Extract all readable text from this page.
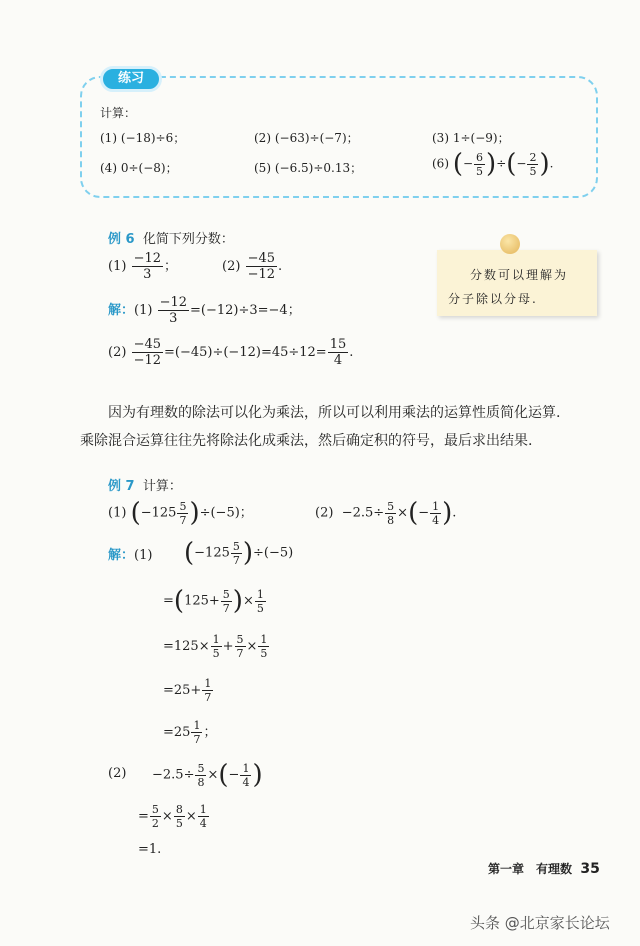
练习
计算：
(1) (−18)÷6；	(2) (−63)÷(−7)；	(3) 1÷(−9)；
(4) 0÷(−8)；	(5) (−6.5)÷0.13；	(6) (− $\frac{6}{5}$ )÷(− $\frac{2}{5}$ ).
分数可以理解为
分子除以分母.
例 6 化简下列分数：
$(1) \frac{-12}{3}$ ；	$(2) \frac{-45}{-12}$ .
解：$(1) \frac{-12}{3} =(-12)\div 3=-4$；
$(2) \frac{-45}{-12} =(-45)\div(-12)=45\div 12= \frac{15}{4}$ .
因为有理数的除法可以化为乘法，所以可以利用乘法的运算性质简化运算.
乘除混合运算往往先将除法化成乘法，然后确定积的符号，最后求出结果.
例 7 计算：
(1) $(-125 \frac{5}{7} )\div(-5)$；	$(2) -2.5\div \frac{5}{8}$ ×(− $\frac{1}{4}$ ).
解：(1) $(-125 \frac{5}{7} )\div(-5)$
$=(125+ \frac{5}{7}$ )× $\frac{1}{5}$
$=125\times \frac{1}{5} + \frac{5}{7} \times \frac{1}{5}$
$=25+ \frac{1}{7}$
$=25 \frac{1}{7}$ ；
$(2) -2.5\div \frac{5}{8}$ ×(− $\frac{1}{4}$ )
= $\frac{5}{2} \times \frac{8}{5} \times \frac{1}{4}$
=1.
第一章　有理数 35
头条 @北京家长论坛
